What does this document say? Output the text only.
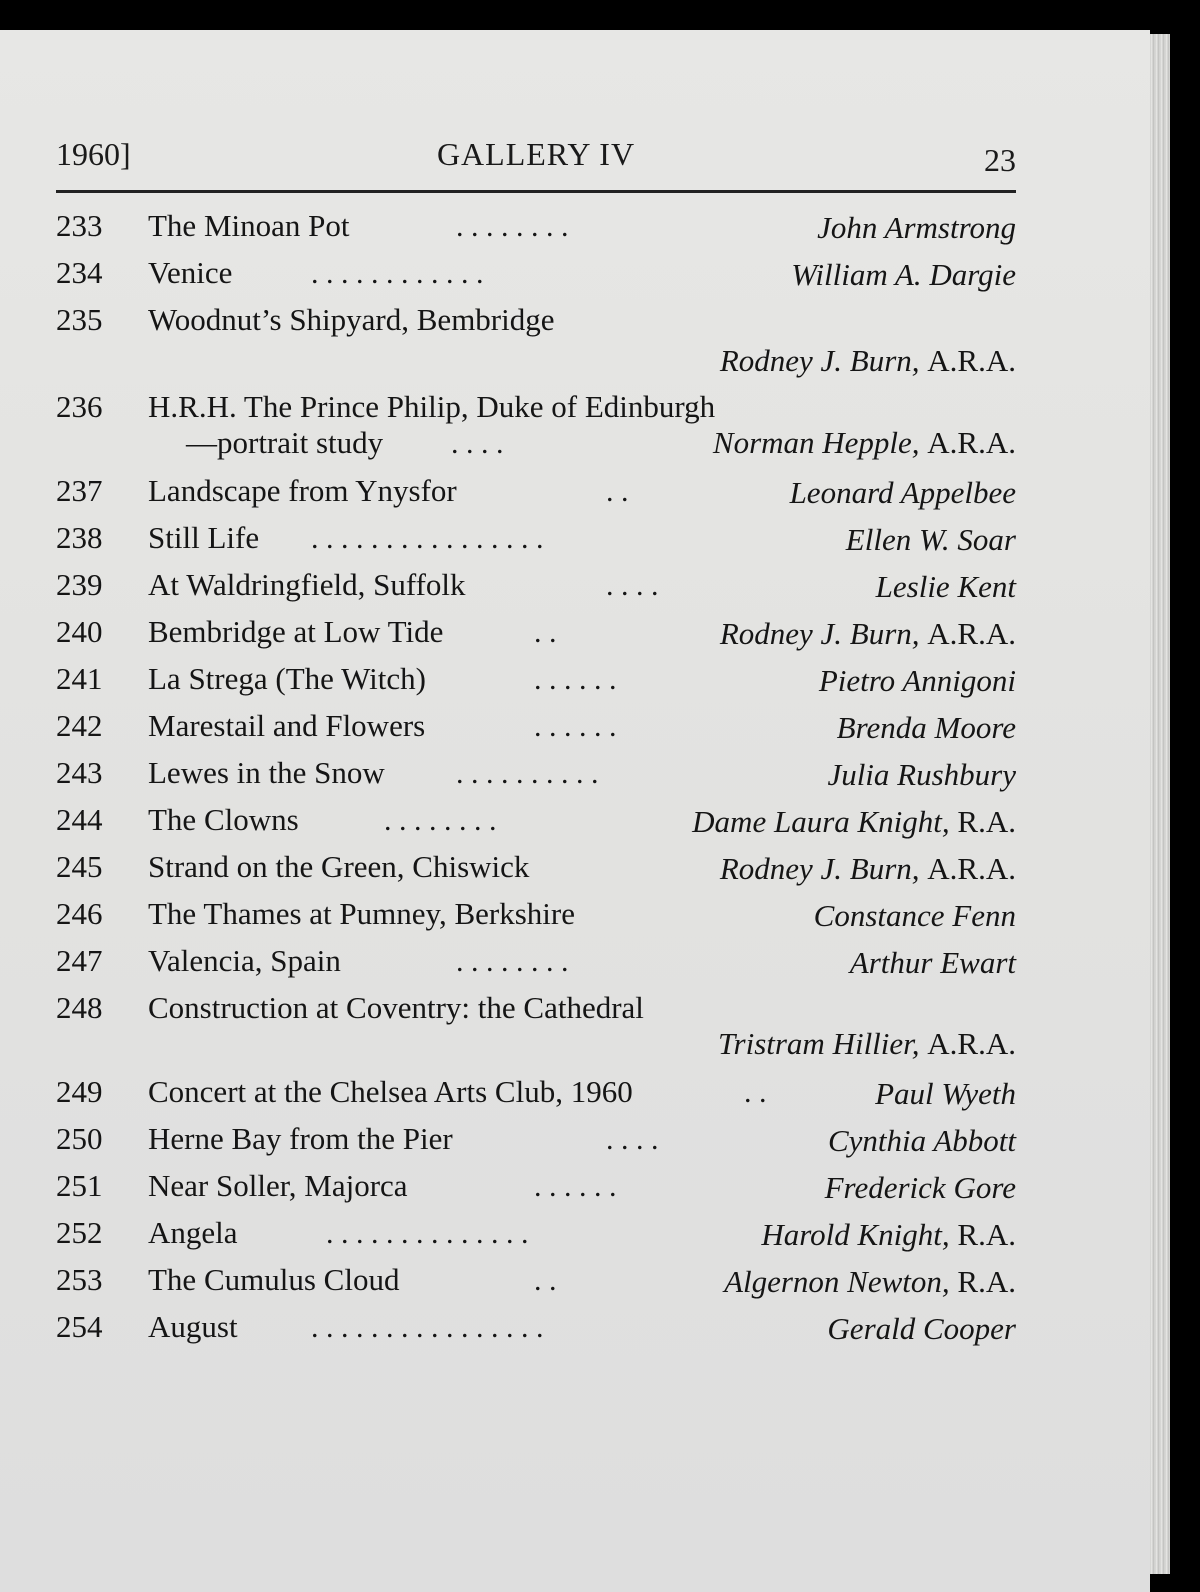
1960]	GALLERY IV	23
233 The Minoan Pot	. . . . . . . .	John Armstrong
234 Venice	. . . . . . . . . . . .	William A. Dargie
235 Woodnut’s Shipyard, Bembridge
Rodney J. Burn, A.R.A.
236 H.R.H. The Prince Philip, Duke of Edinburgh
—portrait study . . . .	Norman Hepple, A.R.A.
237 Landscape from Ynysfor	. .	Leonard Appelbee
238 Still Life . . . . . . . . . . . . . . . .	Ellen W. Soar
239 At Waldringfield, Suffolk	. . . .	Leslie Kent
240 Bembridge at Low Tide	. .	Rodney J. Burn, A.R.A.
241 La Strega (The Witch)	. . . . . .	Pietro Annigoni
242 Marestail and Flowers	. . . . . .	Brenda Moore
243 Lewes in the Snow . . . . . . . . . .	Julia Rushbury
244 The Clowns	. . . . . . . .	Dame Laura Knight, R.A.
245 Strand on the Green, Chiswick	Rodney J. Burn, A.R.A.
246 The Thames at Pumney, Berkshire	Constance Fenn
247 Valencia, Spain	. . . . . . . .	Arthur Ewart
248 Construction at Coventry: the Cathedral
Tristram Hillier, A.R.A.
249 Concert at the Chelsea Arts Club, 1960	. .	Paul Wyeth
250 Herne Bay from the Pier	. . . .	Cynthia Abbott
251 Near Soller, Majorca	. . . . . .	Frederick Gore
252 Angela	. . . . . . . . . . . . . .	Harold Knight, R.A.
253 The Cumulus Cloud	. .	Algernon Newton, R.A.
254 August . . . . . . . . . . . . . . . .	Gerald Cooper
